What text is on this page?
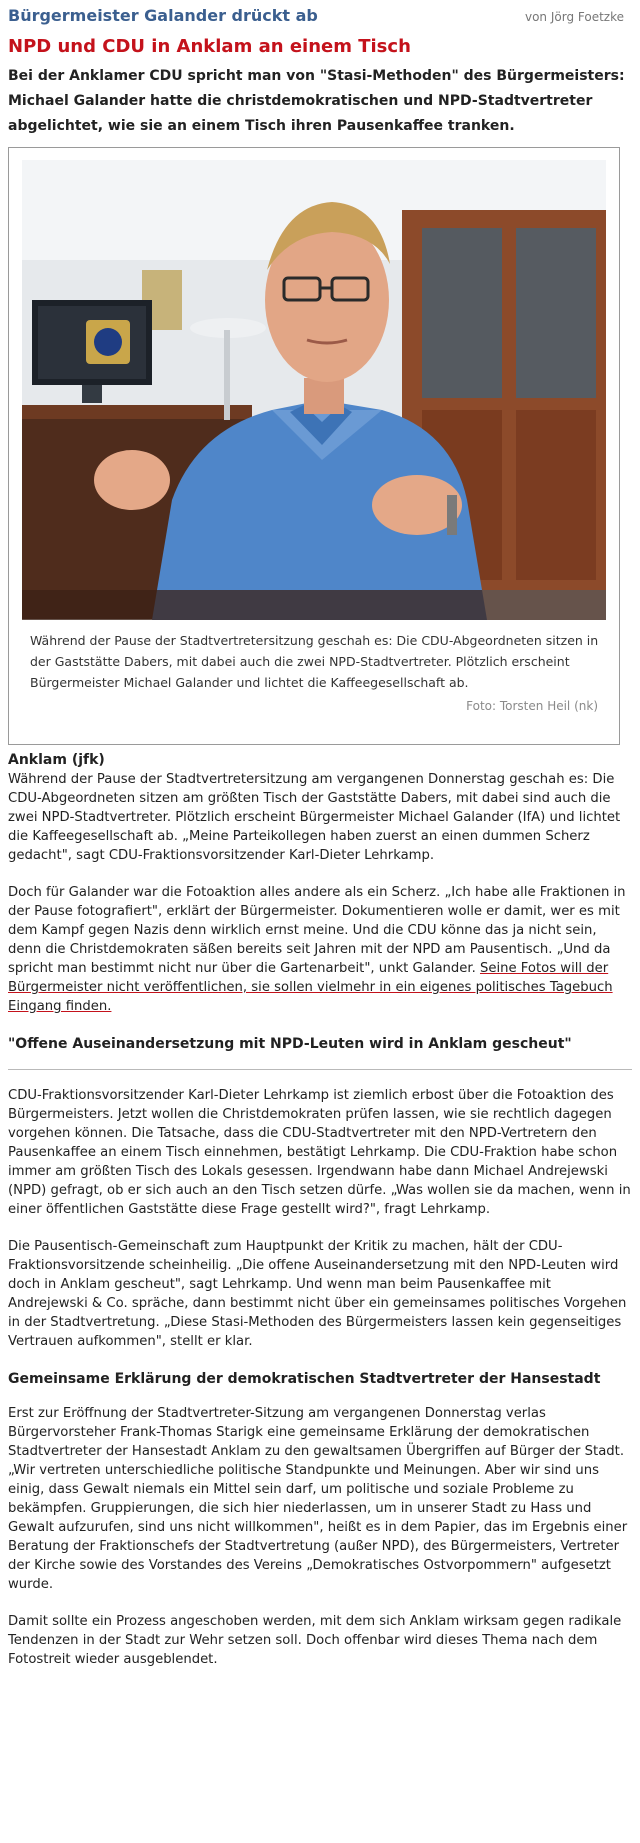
Bürgermeister Galander drückt ab	von Jörg Foetzke
NPD und CDU in Anklam an einem Tisch
Bei der Anklamer CDU spricht man von "Stasi-Methoden" des Bürgermeisters: Michael Galander hatte die christdemokratischen und NPD-Stadtvertreter abgelichtet, wie sie an einem Tisch ihren Pausenkaffee tranken.
Während der Pause der Stadtvertretersitzung geschah es: Die CDU-Abgeordneten sitzen in der Gaststätte Dabers, mit dabei auch die zwei NPD-Stadtvertreter. Plötzlich erscheint Bürgermeister Michael Galander und lichtet die Kaffeegesellschaft ab.
Foto: Torsten Heil (nk)
Anklam (jfk)

Während der Pause der Stadtvertretersitzung am vergangenen Donnerstag geschah es: Die CDU-Abgeordneten sitzen am größten Tisch der Gaststätte Dabers, mit dabei sind auch die zwei NPD-Stadtvertreter. Plötzlich erscheint Bürgermeister Michael Galander (IfA) und lichtet die Kaffeegesellschaft ab. „Meine Parteikollegen haben zuerst an einen dummen Scherz gedacht", sagt CDU-Fraktionsvorsitzender Karl-Dieter Lehrkamp.

Doch für Galander war die Fotoaktion alles andere als ein Scherz. „Ich habe alle Fraktionen in der Pause fotografiert", erklärt der Bürgermeister. Dokumentieren wolle er damit, wer es mit dem Kampf gegen Nazis denn wirklich ernst meine. Und die CDU könne das ja nicht sein, denn die Christdemokraten säßen bereits seit Jahren mit der NPD am Pausentisch. „Und da spricht man bestimmt nicht nur über die Gartenarbeit", unkt Galander. Seine Fotos will der Bürgermeister nicht veröffentlichen, sie sollen vielmehr in ein eigenes politisches Tagebuch Eingang finden.

"Offene Auseinandersetzung mit NPD-Leuten wird in Anklam gescheut"

CDU-Fraktionsvorsitzender Karl-Dieter Lehrkamp ist ziemlich erbost über die Fotoaktion des Bürgermeisters. Jetzt wollen die Christdemokraten prüfen lassen, wie sie rechtlich dagegen vorgehen können. Die Tatsache, dass die CDU-Stadtvertreter mit den NPD-Vertretern den Pausenkaffee an einem Tisch einnehmen, bestätigt Lehrkamp. Die CDU-Fraktion habe schon immer am größten Tisch des Lokals gesessen. Irgendwann habe dann Michael Andrejewski (NPD) gefragt, ob er sich auch an den Tisch setzen dürfe. „Was wollen sie da machen, wenn in einer öffentlichen Gaststätte diese Frage gestellt wird?", fragt Lehrkamp.

Die Pausentisch-Gemeinschaft zum Hauptpunkt der Kritik zu machen, hält der CDU-Fraktionsvorsitzende scheinheilig. „Die offene Auseinandersetzung mit den NPD-Leuten wird doch in Anklam gescheut", sagt Lehrkamp. Und wenn man beim Pausenkaffee mit Andrejewski & Co. spräche, dann bestimmt nicht über ein gemeinsames politisches Vorgehen in der Stadtvertretung. „Diese Stasi-Methoden des Bürgermeisters lassen kein gegenseitiges Vertrauen aufkommen", stellt er klar.

Gemeinsame Erklärung der demokratischen Stadtvertreter der Hansestadt

Erst zur Eröffnung der Stadtvertreter-Sitzung am vergangenen Donnerstag verlas Bürgervorsteher Frank-Thomas Starigk eine gemeinsame Erklärung der demokratischen Stadtvertreter der Hansestadt Anklam zu den gewaltsamen Übergriffen auf Bürger der Stadt. „Wir vertreten unterschiedliche politische Standpunkte und Meinungen. Aber wir sind uns einig, dass Gewalt niemals ein Mittel sein darf, um politische und soziale Probleme zu bekämpfen. Gruppierungen, die sich hier niederlassen, um in unserer Stadt zu Hass und Gewalt aufzurufen, sind uns nicht willkommen", heißt es in dem Papier, das im Ergebnis einer Beratung der Fraktionschefs der Stadtvertretung (außer NPD), des Bürgermeisters, Vertreter der Kirche sowie des Vorstandes des Vereins „Demokratisches Ostvorpommern" aufgesetzt wurde.

Damit sollte ein Prozess angeschoben werden, mit dem sich Anklam wirksam gegen radikale Tendenzen in der Stadt zur Wehr setzen soll. Doch offenbar wird dieses Thema nach dem Fotostreit wieder ausgeblendet.
